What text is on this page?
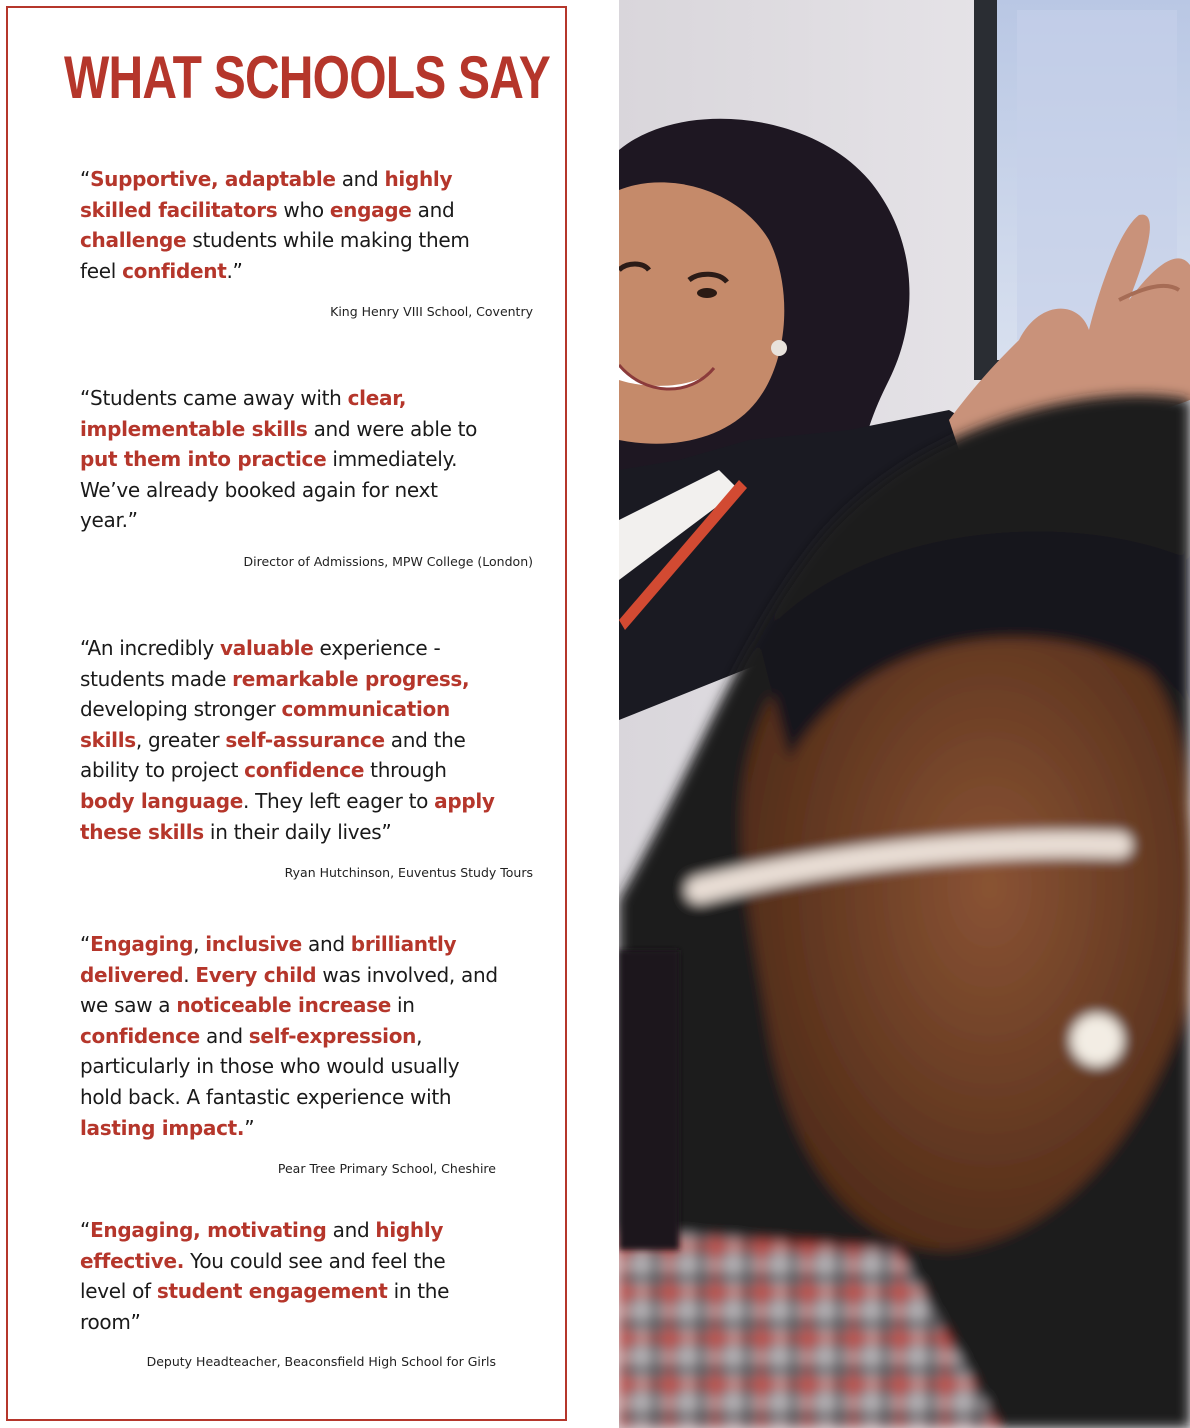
WHAT SCHOOLS SAY

“Supportive, adaptable and highly skilled facilitators who engage and challenge students while making them feel confident.”

King Henry VIII School, Coventry

“Students came away with clear, implementable skills and were able to put them into practice immediately. We’ve already booked again for next year.”

Director of Admissions, MPW College (London)

“An incredibly valuable experience - students made remarkable progress, developing stronger communication skills, greater self-assurance and the ability to project confidence through body language. They left eager to apply these skills in their daily lives”

Ryan Hutchinson, Euventus Study Tours

“Engaging, inclusive and brilliantly delivered. Every child was involved, and we saw a noticeable increase in confidence and self-expression, particularly in those who would usually hold back. A fantastic experience with lasting impact.”

Pear Tree Primary School, Cheshire

“Engaging, motivating and highly effective. You could see and feel the level of student engagement in the room”

Deputy Headteacher, Beaconsfield High School for Girls
